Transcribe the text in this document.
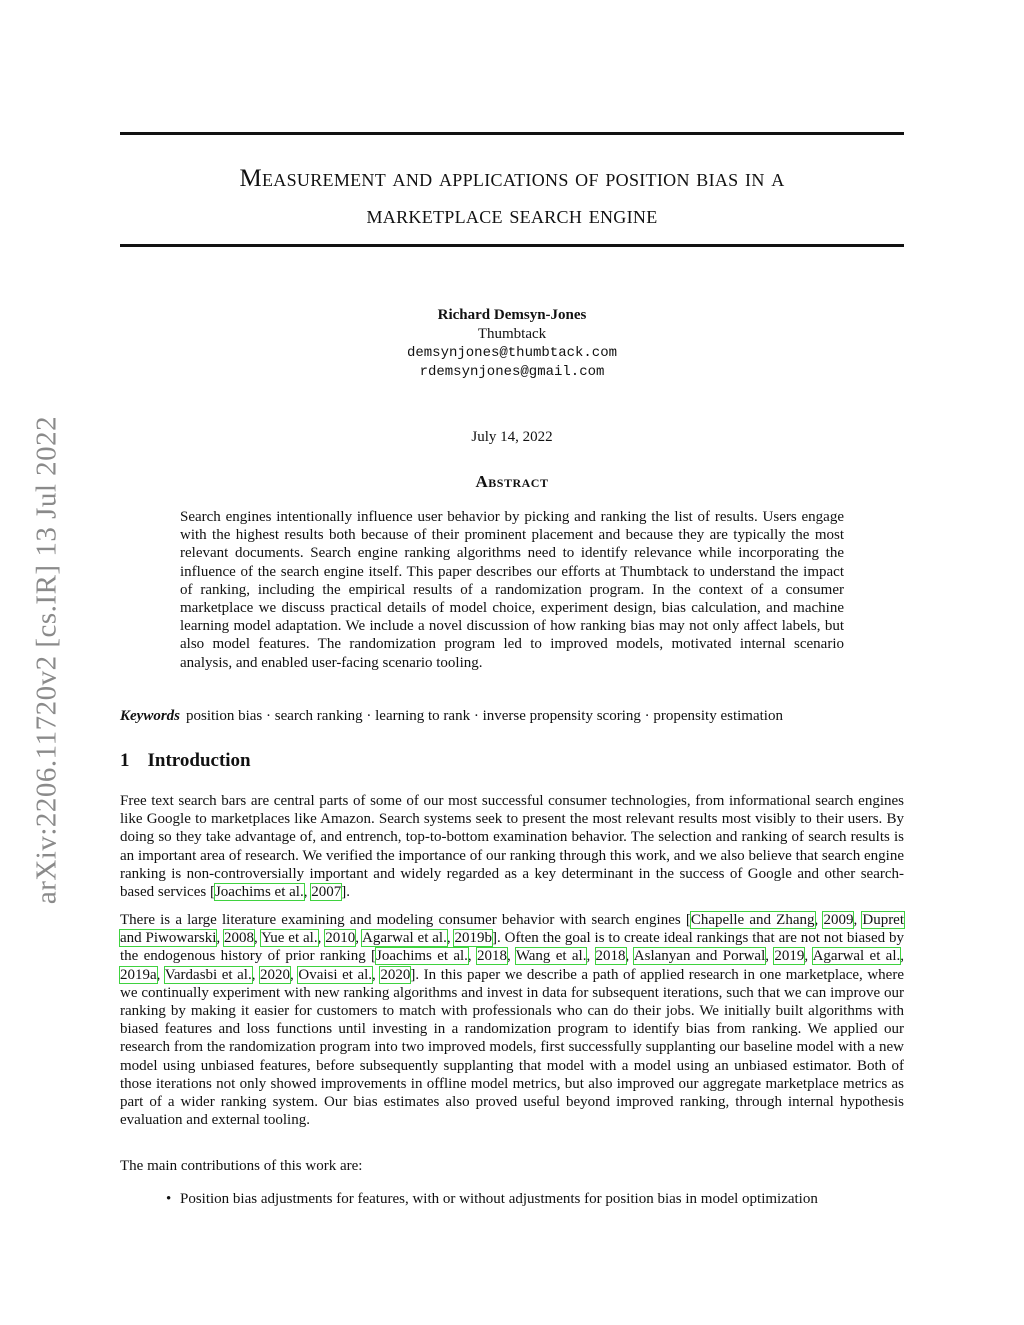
arXiv:2206.11720v2 [cs.IR] 13 Jul 2022
Measurement and applications of position bias in a
marketplace search engine
Richard Demsyn-Jones
Thumbtack
demsynjones@thumbtack.com
rdemsynjones@gmail.com
July 14, 2022
Abstract
Search engines intentionally influence user behavior by picking and ranking the list of results. Users engage with the highest results both because of their prominent placement and because they are typically the most relevant documents. Search engine ranking algorithms need to identify relevance while incorporating the influence of the search engine itself. This paper describes our efforts at Thumbtack to understand the impact of ranking, including the empirical results of a randomization program. In the context of a consumer marketplace we discuss practical details of model choice, experiment design, bias calculation, and machine learning model adaptation. We include a novel discussion of how ranking bias may not only affect labels, but also model features. The randomization program led to improved models, motivated internal scenario analysis, and enabled user-facing scenario tooling.
Keywords position bias · search ranking · learning to rank · inverse propensity scoring · propensity estimation
1 Introduction
Free text search bars are central parts of some of our most successful consumer technologies, from informational search engines like Google to marketplaces like Amazon. Search systems seek to present the most relevant results most visibly to their users. By doing so they take advantage of, and entrench, top-to-bottom examination behavior. The selection and ranking of search results is an important area of research. We verified the importance of our ranking through this work, and we also believe that search engine ranking is non-controversially important and widely regarded as a key determinant in the success of Google and other search-based services [Joachims et al., 2007].
There is a large literature examining and modeling consumer behavior with search engines [Chapelle and Zhang, 2009, Dupret and Piwowarski, 2008, Yue et al., 2010, Agarwal et al., 2019b]. Often the goal is to create ideal rankings that are not not biased by the endogenous history of prior ranking [Joachims et al., 2018, Wang et al., 2018, Aslanyan and Porwal, 2019, Agarwal et al., 2019a, Vardasbi et al., 2020, Ovaisi et al., 2020]. In this paper we describe a path of applied research in one marketplace, where we continually experiment with new ranking algorithms and invest in data for subsequent iterations, such that we can improve our ranking by making it easier for customers to match with professionals who can do their jobs. We initially built algorithms with biased features and loss functions until investing in a randomization program to identify bias from ranking. We applied our research from the randomization program into two improved models, first successfully supplanting our baseline model with a new model using unbiased features, before subsequently supplanting that model with a model using an unbiased estimator. Both of those iterations not only showed improvements in offline model metrics, but also improved our aggregate marketplace metrics as part of a wider ranking system. Our bias estimates also proved useful beyond improved ranking, through internal hypothesis evaluation and external tooling.
The main contributions of this work are:
• Position bias adjustments for features, with or without adjustments for position bias in model optimization
